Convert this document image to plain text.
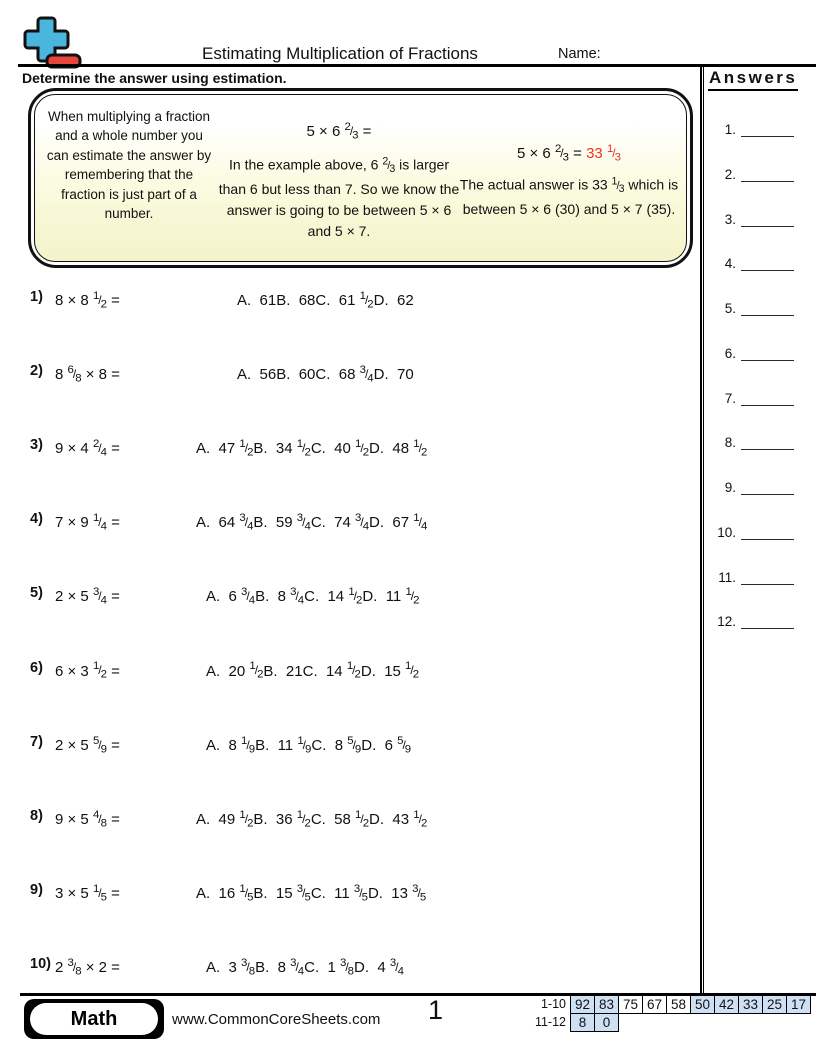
Estimating Multiplication of Fractions	Name:
Determine the answer using estimation.
When multiplying a fraction and a whole number you can estimate the answer by remembering that the fraction is just part of a number.
5 × 6 $^2$/3 =
In the example above, 6 $^2$/3 is larger than 6 but less than 7. So we know the answer is going to be between 5 × 6 and 5 × 7.
5 × 6 $^2$/3 = 33 $^1$/3
The actual answer is 33 $^1$/3 which is between 5 × 6 (30) and 5 × 7 (35).
1) 8 × 8 $^1$/2 =	A.  61B.  68C.  61 $^1$/2D.  62
2) 8 $^6$/8 × 8 =	A.  56B.  60C.  68 $^3$/4D.  70
3) 9 × 4 $^2$/4 =	A.  47 $^1$/2B.  34 $^1$/2C.  40 $^1$/2D.  48 $^1$/2
4) 7 × 9 $^1$/4 =	A.  64 $^3$/4B.  59 $^3$/4C.  74 $^3$/4D.  67 $^1$/4
5) 2 × 5 $^3$/4 =	A.  6 $^3$/4B.  8 $^3$/4C.  14 $^1$/2D.  11 $^1$/2
6) 6 × 3 $^1$/2 =	A.  20 $^1$/2B.  21C.  14 $^1$/2D.  15 $^1$/2
7) 2 × 5 $^5$/9 =	A.  8 $^1$/9B.  11 $^1$/9C.  8 $^5$/9D.  6 $^5$/9
8) 9 × 5 $^4$/8 =	A.  49 $^1$/2B.  36 $^1$/2C.  58 $^1$/2D.  43 $^1$/2
9) 3 × 5 $^1$/5 =	A.  16 $^1$/5B.  15 $^3$/5C.  11 $^3$/5D.  13 $^3$/5
10) 2 $^3$/8 × 2 =	A.  3 $^3$/8B.  8 $^3$/4C.  1 $^3$/8D.  4 $^3$/4
Answers
1.
2.
3.
4.
5.
6.
7.
8.
9.
10.
11.
12.
Math	www.CommonCoreSheets.com 1	1-10 92 83 75 67 58 50 42 33 25 17
11-12 8	0
